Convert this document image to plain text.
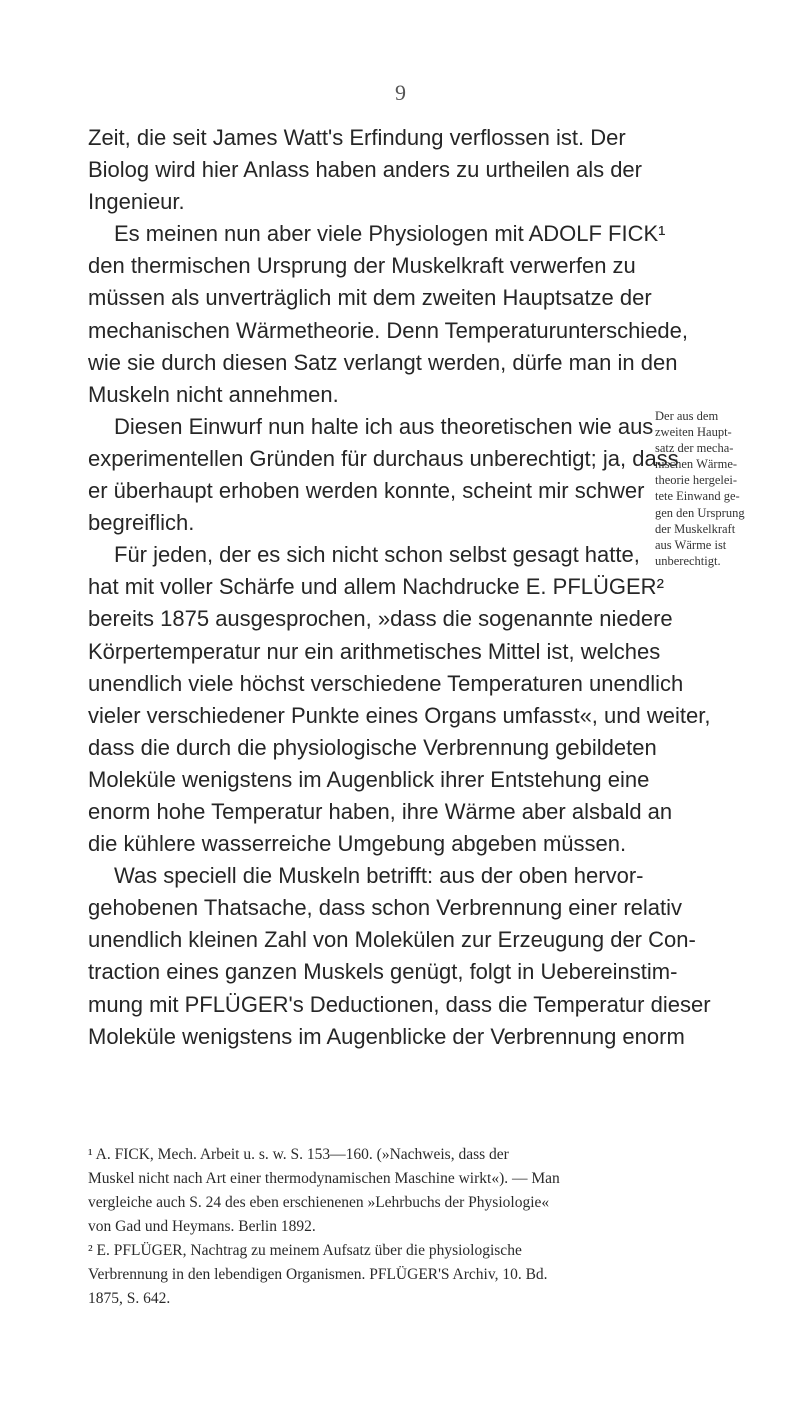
9
Zeit, die seit James Watt's Erfindung verflossen ist. Der
Biolog wird hier Anlass haben anders zu urtheilen als der
Ingenieur.
Es meinen nun aber viele Physiologen mit ADOLF FICK¹
den thermischen Ursprung der Muskelkraft verwerfen zu
müssen als unverträglich mit dem zweiten Hauptsatze der
mechanischen Wärmetheorie. Denn Temperaturunterschiede,
wie sie durch diesen Satz verlangt werden, dürfe man in den
Muskeln nicht annehmen.
Diesen Einwurf nun halte ich aus theoretischen wie aus
experimentellen Gründen für durchaus unberechtigt; ja, dass
er überhaupt erhoben werden konnte, scheint mir schwer
begreiflich.
Für jeden, der es sich nicht schon selbst gesagt hatte,
hat mit voller Schärfe und allem Nachdrucke E. PFLÜGER²
bereits 1875 ausgesprochen, »dass die sogenannte niedere
Körpertemperatur nur ein arithmetisches Mittel ist, welches
unendlich viele höchst verschiedene Temperaturen unendlich
vieler verschiedener Punkte eines Organs umfasst«, und weiter,
dass die durch die physiologische Verbrennung gebildeten
Moleküle wenigstens im Augenblick ihrer Entstehung eine
enorm hohe Temperatur haben, ihre Wärme aber alsbald an
die kühlere wasserreiche Umgebung abgeben müssen.
Was speciell die Muskeln betrifft: aus der oben hervor-
gehobenen Thatsache, dass schon Verbrennung einer relativ
unendlich kleinen Zahl von Molekülen zur Erzeugung der Con-
traction eines ganzen Muskels genügt, folgt in Uebereinstim-
mung mit PFLÜGER's Deductionen, dass die Temperatur dieser
Moleküle wenigstens im Augenblicke der Verbrennung enorm
Der aus dem
zweiten Haupt-
satz der mecha-
nischen Wärme-
theorie hergelei-
tete Einwand ge-
gen den Ursprung
der Muskelkraft
aus Wärme ist
unberechtigt.
¹ A. FICK, Mech. Arbeit u. s. w. S. 153—160. (»Nachweis, dass der
Muskel nicht nach Art einer thermodynamischen Maschine wirkt«). — Man
vergleiche auch S. 24 des eben erschienenen »Lehrbuchs der Physiologie«
von Gad und Heymans. Berlin 1892.
² E. PFLÜGER, Nachtrag zu meinem Aufsatz über die physiologische
Verbrennung in den lebendigen Organismen. PFLÜGER'S Archiv, 10. Bd.
1875, S. 642.
